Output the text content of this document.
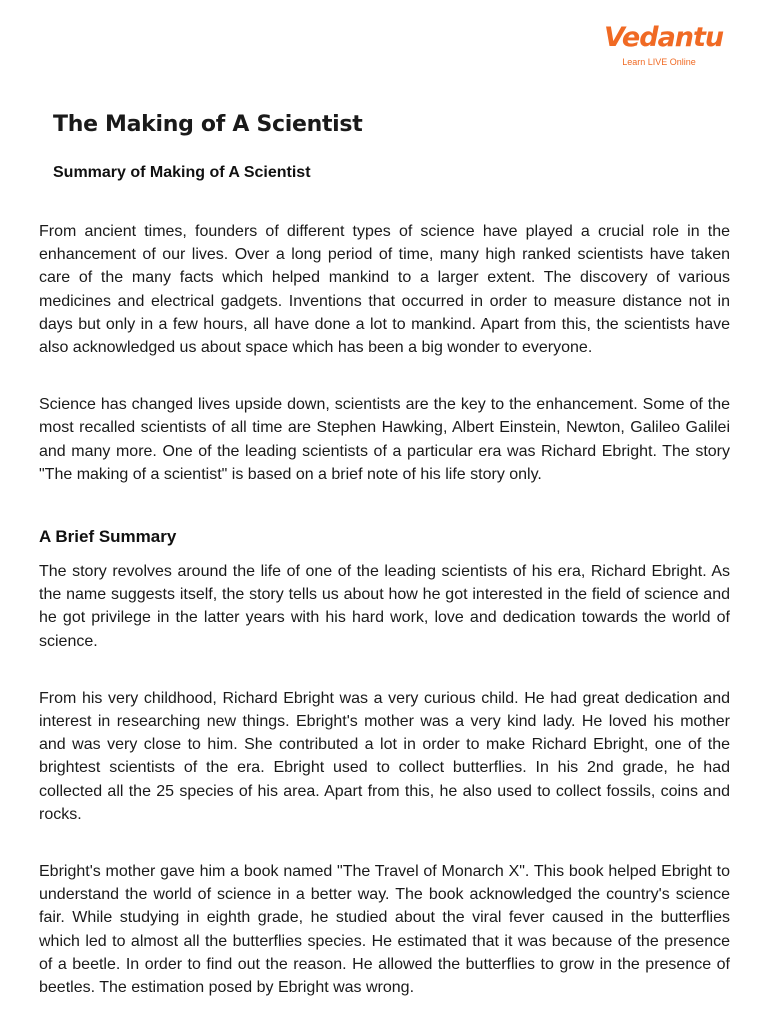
Vedantu
Learn LIVE Online
The Making of A Scientist
Summary of Making of A Scientist

From ancient times, founders of different types of science have played a crucial role in the enhancement of our lives. Over a long period of time, many high ranked scientists have taken care of the many facts which helped mankind to a larger extent. The discovery of various medicines and electrical gadgets. Inventions that occurred in order to measure distance not in days but only in a few hours, all have done a lot to mankind. Apart from this, the scientists have also acknowledged us about space which has been a big wonder to everyone.

Science has changed lives upside down, scientists are the key to the enhancement. Some of the most recalled scientists of all time are Stephen Hawking, Albert Einstein, Newton, Galileo Galilei and many more. One of the leading scientists of a particular era was Richard Ebright. The story "The making of a scientist" is based on a brief note of his life story only.

A Brief Summary

The story revolves around the life of one of the leading scientists of his era, Richard Ebright. As the name suggests itself, the story tells us about how he got interested in the field of science and he got privilege in the latter years with his hard work, love and dedication towards the world of science.

From his very childhood, Richard Ebright was a very curious child. He had great dedication and interest in researching new things. Ebright's mother was a very kind lady. He loved his mother and was very close to him. She contributed a lot in order to make Richard Ebright, one of the brightest scientists of the era. Ebright used to collect butterflies. In his 2nd grade, he had collected all the 25 species of his area. Apart from this, he also used to collect fossils, coins and rocks.

Ebright's mother gave him a book named "The Travel of Monarch X". This book helped Ebright to understand the world of science in a better way. The book acknowledged the country's science fair. While studying in eighth grade, he studied about the viral fever caused in the butterflies which led to almost all the butterflies species. He estimated that it was because of the presence of a beetle. In order to find out the reason. He allowed the butterflies to grow in the presence of beetles. The estimation posed by Ebright was wrong.
